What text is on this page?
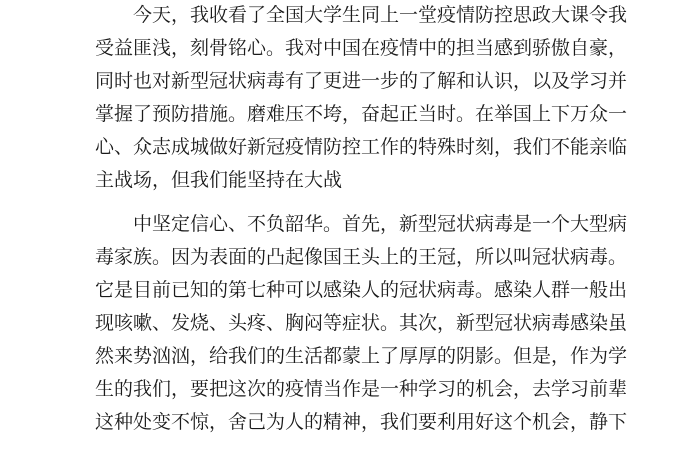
　　今天，我收看了全国大学生同上一堂疫情防控思政大课令我
受益匪浅，刻骨铭心。我对中国在疫情中的担当感到骄傲自豪，
同时也对新型冠状病毒有了更进一步的了解和认识，以及学习并
掌握了预防措施。磨难压不垮，奋起正当时。在举国上下万众一
心、众志成城做好新冠疫情防控工作的特殊时刻，我们不能亲临
主战场，但我们能坚持在大战
　　中坚定信心、不负韶华。首先，新型冠状病毒是一个大型病
毒家族。因为表面的凸起像国王头上的王冠，所以叫冠状病毒。
它是目前已知的第七种可以感染人的冠状病毒。感染人群一般出
现咳嗽、发烧、头疼、胸闷等症状。其次，新型冠状病毒感染虽
然来势汹汹，给我们的生活都蒙上了厚厚的阴影。但是，作为学
生的我们，要把这次的疫情当作是一种学习的机会，去学习前辈
这种处变不惊，舍己为人的精神，我们要利用好这个机会，静下
